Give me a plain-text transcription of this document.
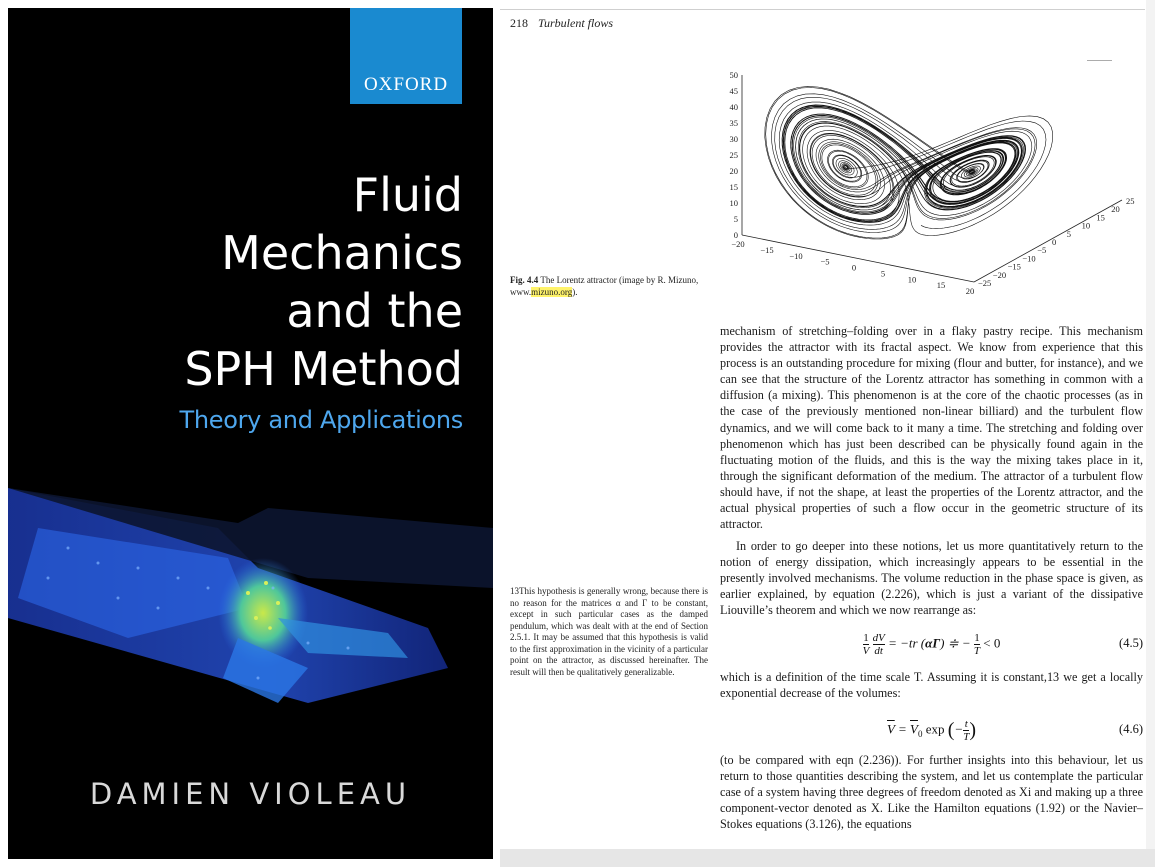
OXFORD
Fluid
Mechanics
and the
SPH Method
Theory and Applications
DAMIEN VIOLEAU
218 Turbulent flows
50
45
40
35
30
25
20
15
10
5
0
−20
−15
−10
−5
0
5
10
15
20
−25
−20
−15
−10
−5
0
5
10
15
20
25
Fig. 4.4 The Lorentz attractor (image by R. Mizuno, www.mizuno.org).
13This hypothesis is generally wrong, because there is no reason for the matrices α and Γ to be constant, except in such particular cases as the damped pendulum, which was dealt with at the end of Section 2.5.1. It may be assumed that this hypothesis is valid to the first approximation in the vicinity of a particular point on the attractor, as discussed hereinafter. The result will then be qualitatively generalizable.

mechanism of stretching–folding over in a flaky pastry recipe. This mechanism provides the attractor with its fractal aspect. We know from experience that this process is an outstanding procedure for mixing (flour and butter, for instance), and we can see that the structure of the Lorentz attractor has something in common with a diffusion (a mixing). This phenomenon is at the core of the chaotic processes (as in the case of the previously mentioned non-linear billiard) and the turbulent flow dynamics, and we will come back to it many a time. The stretching and folding over phenomenon which has just been described can be physically found again in the fluctuating motion of the fluids, and this is the way the mixing takes place in it, through the significant deformation of the medium. The attractor of a turbulent flow should have, if not the shape, at least the properties of the Lorentz attractor, and the actual physical properties of such a flow occur in the geometric structure of its attractor.

In order to go deeper into these notions, let us more quantitatively return to the notion of energy dissipation, which increasingly appears to be essential in the presently involved mechanisms. The volume reduction in the phase space is given, as earlier explained, by equation (2.226), which is just a variant of the dissipative Liouville’s theorem and which we now rearrange as:

$\frac{1}{V}$
$\frac{dV}{dt} = -tr$ (αΓ) ≑ − $\frac{1}{T} < 0$	(4.5)

which is a definition of the time scale T. Assuming it is constant,13 we get a locally exponential decrease of the volumes:

$\overline{V} = \overline{V}_0$ exp (− $\frac{t}{T}$ )	(4.6)

(to be compared with eqn (2.236)). For further insights into this behaviour, let us return to those quantities describing the system, and let us contemplate the particular case of a system having three degrees of freedom denoted as Xi and making up a three component-vector denoted as X. Like the Hamilton equations (1.92) or the Navier–Stokes equations (3.126), the equations
